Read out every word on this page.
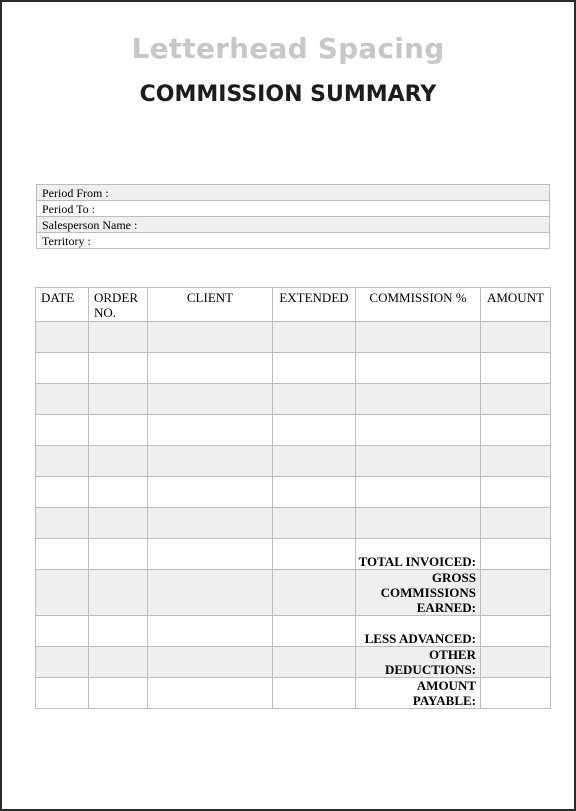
Letterhead Spacing
COMMISSION SUMMARY
Period From :
Period To :
Salesperson Name :
Territory :
DATE	ORDER NO.	CLIENT	EXTENDED	COMMISSION %	AMOUNT

				TOTAL INVOICED:	
				GROSS COMMISSIONS EARNED:	
				LESS ADVANCED:	
				OTHER DEDUCTIONS:	
				AMOUNT PAYABLE:	
